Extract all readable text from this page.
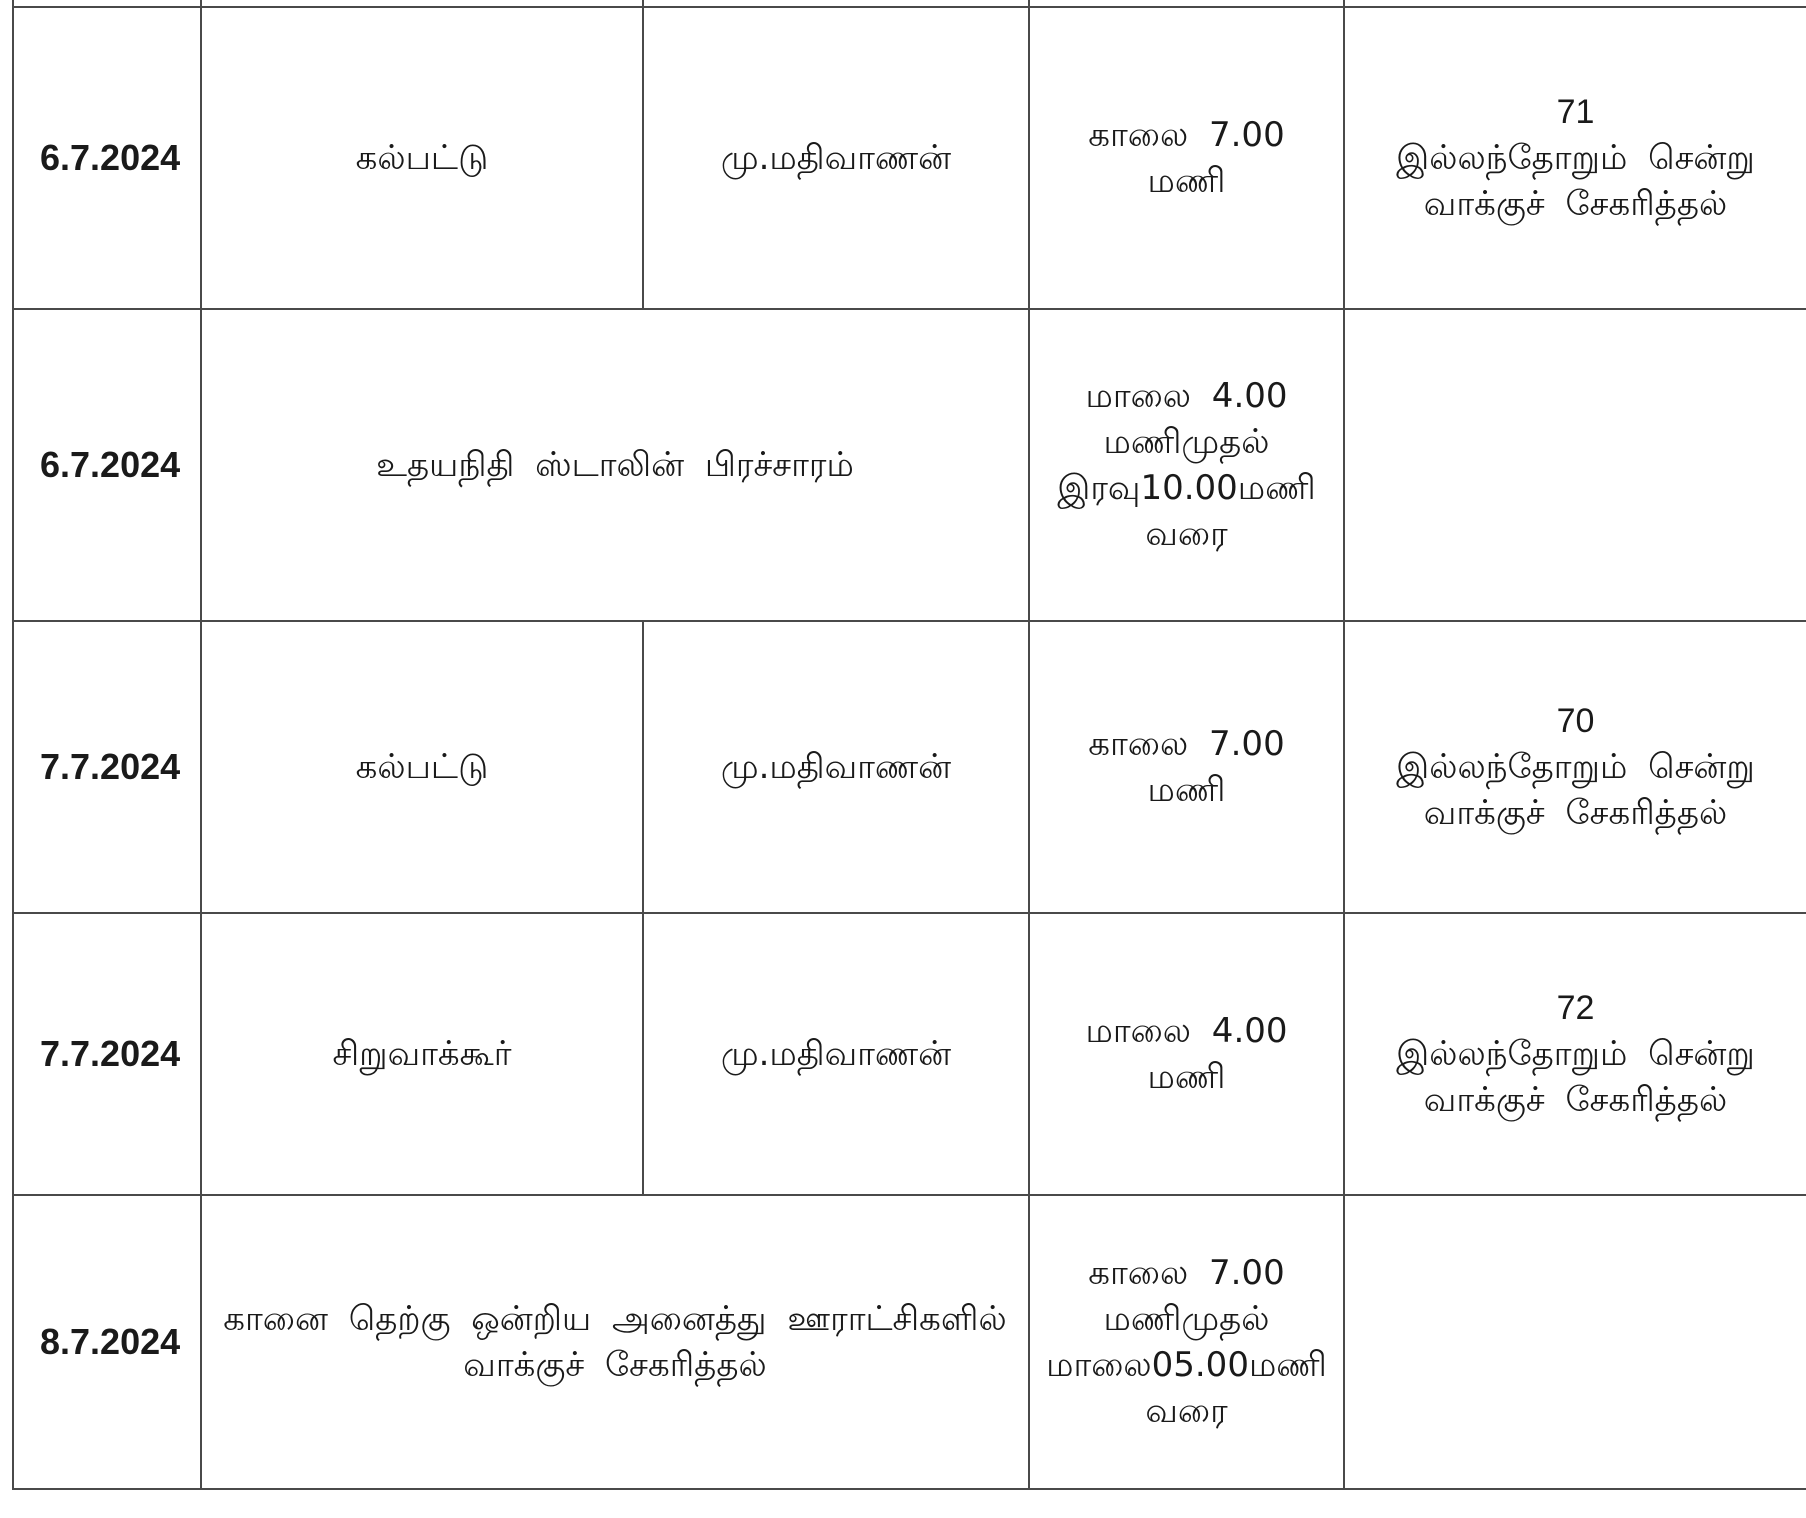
6.7.2024	கல்பட்டு	மு.மதிவாணன்	காலை 7.00 மணி	71
இல்லந்தோறும் சென்று
வாக்குச் சேகரித்தல்

6.7.2024	உதயநிதி ஸ்டாலின் பிரச்சாரம்		மாலை 4.00
மணிமுதல்
இரவு10.00மணி
வரை	

7.7.2024	கல்பட்டு	மு.மதிவாணன்	காலை 7.00 மணி	70
இல்லந்தோறும் சென்று
வாக்குச் சேகரித்தல்

7.7.2024	சிறுவாக்கூர்	மு.மதிவாணன்	மாலை 4.00 மணி	72
இல்லந்தோறும் சென்று
வாக்குச் சேகரித்தல்

8.7.2024	கானை தெற்கு ஒன்றிய அனைத்து ஊராட்சிகளில்
வாக்குச் சேகரித்தல்		காலை 7.00
மணிமுதல்
மாலை05.00மணி
வரை	
